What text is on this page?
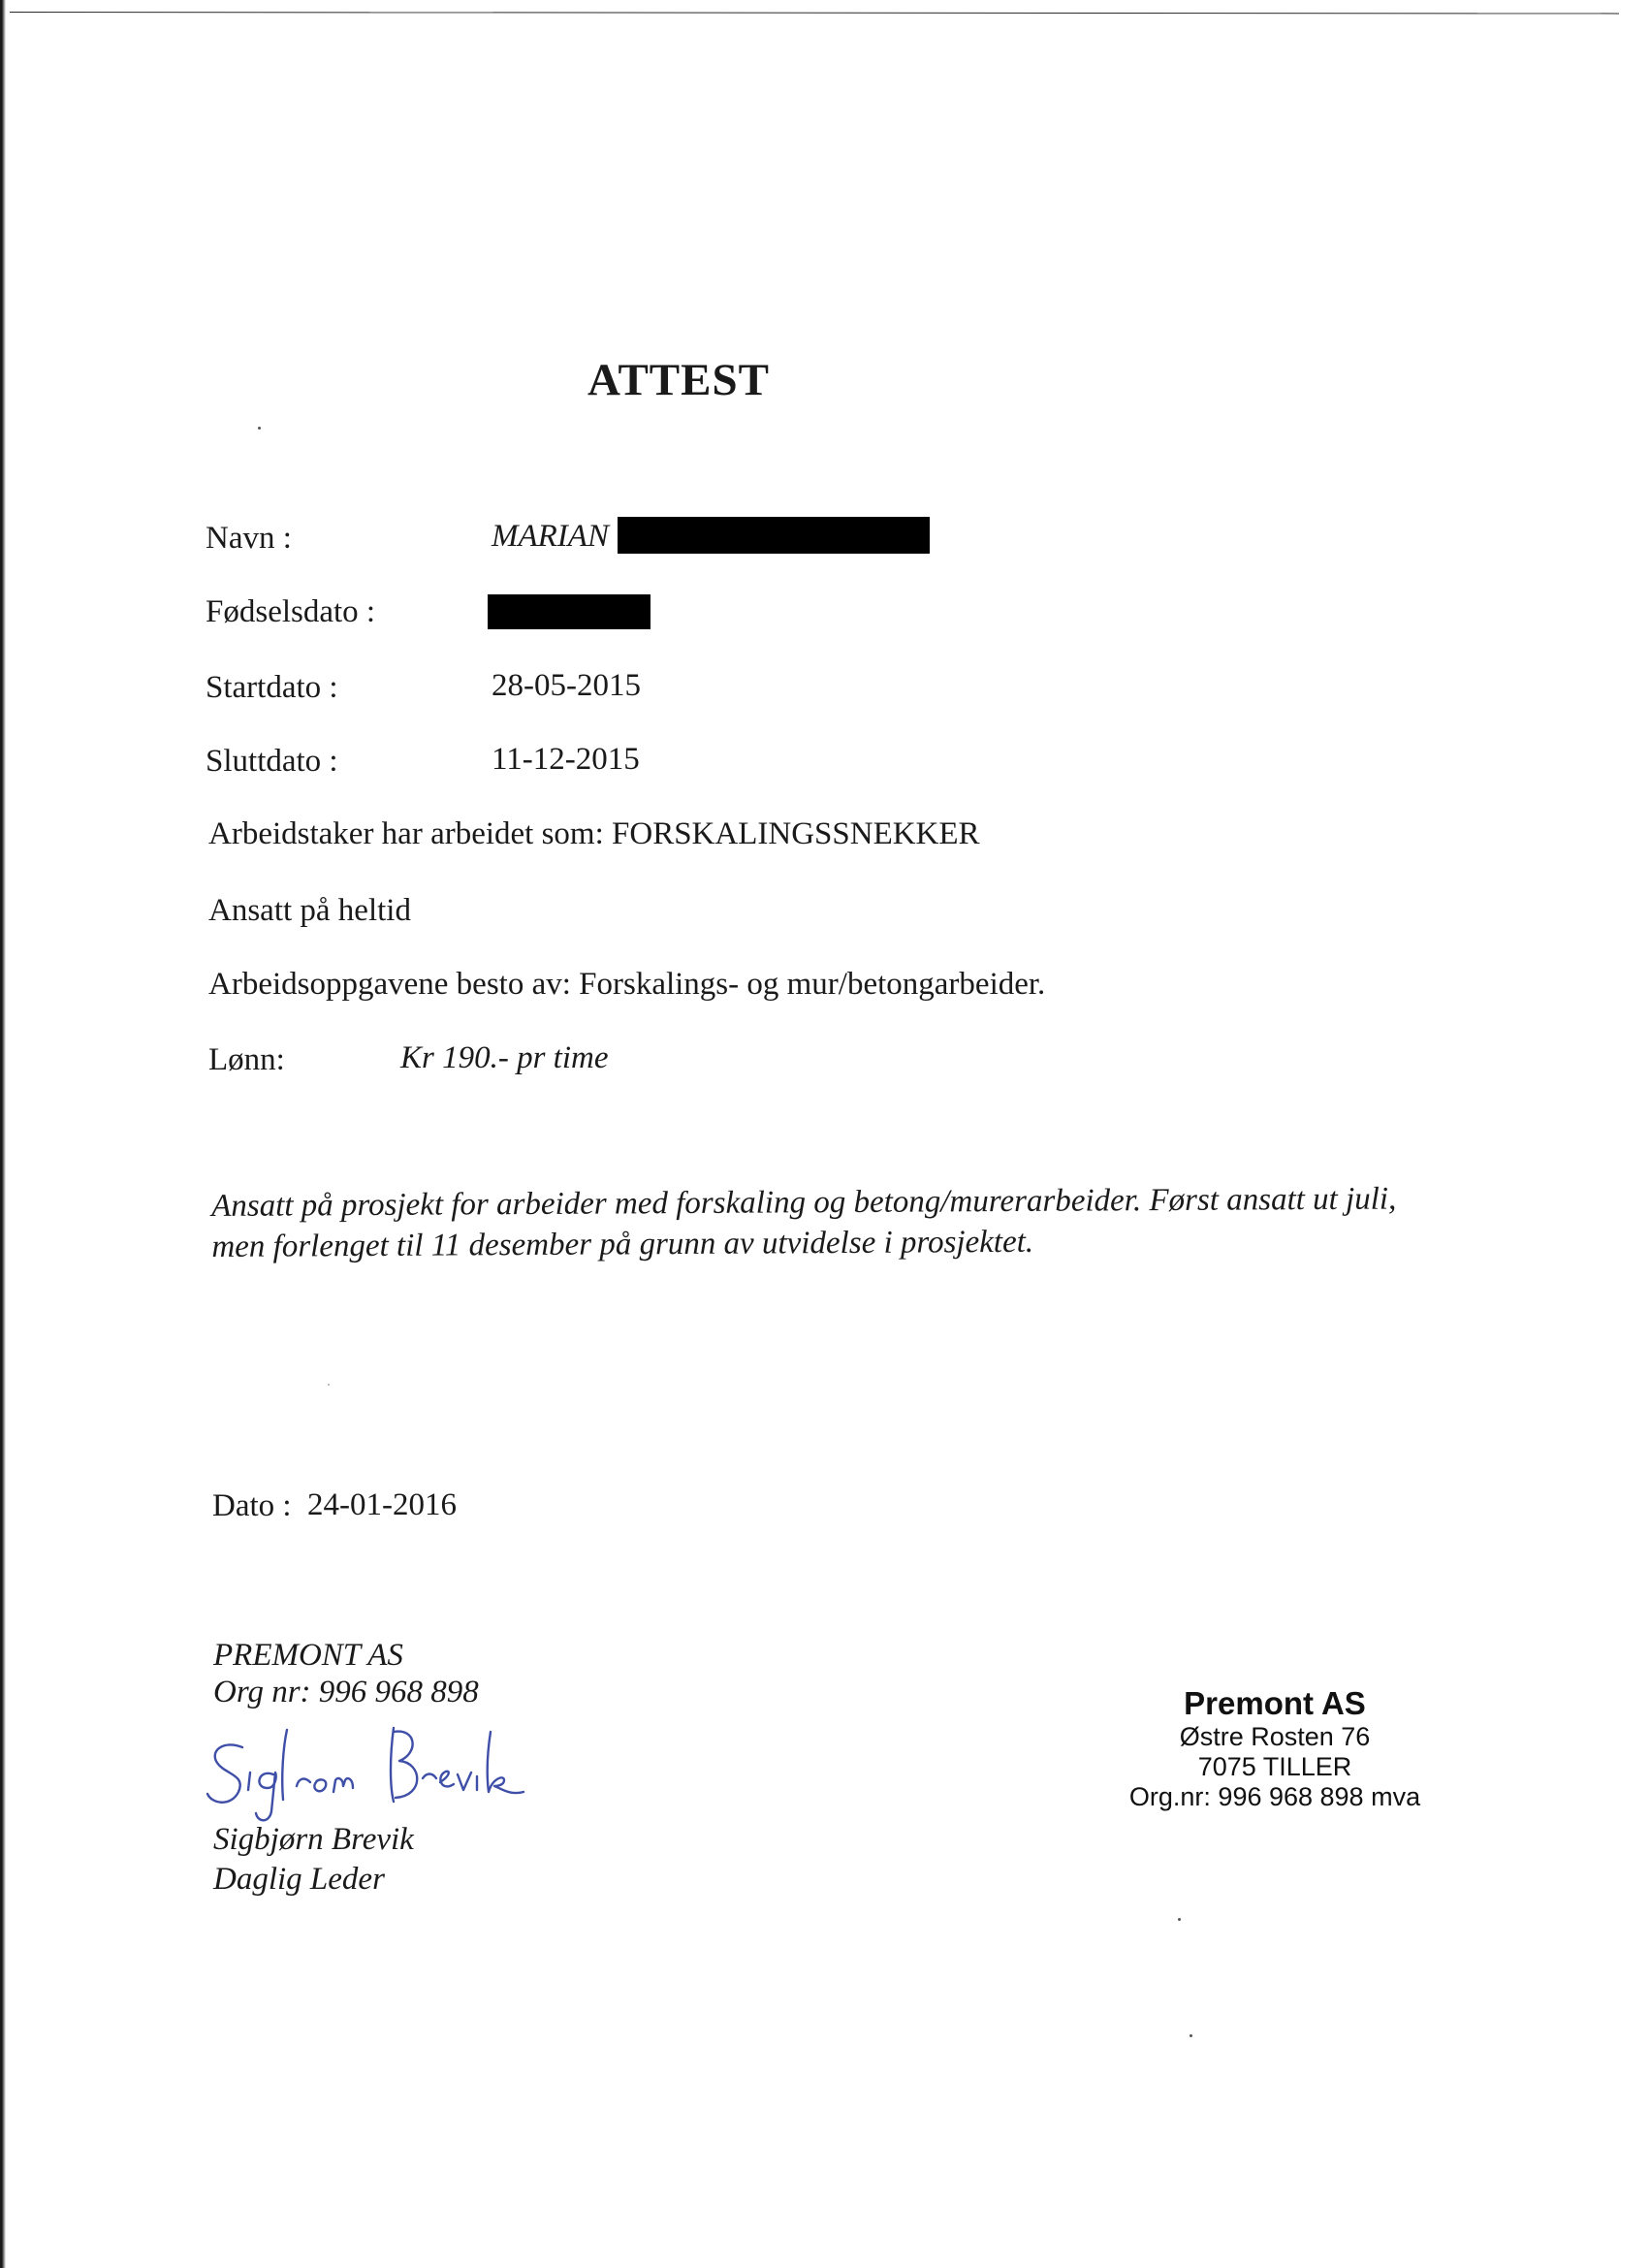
ATTEST
Navn :	MARIAN
Fødselsdato :
Startdato :	28-05-2015
Sluttdato :	11-12-2015
Arbeidstaker har arbeidet som: FORSKALINGSSNEKKER
Ansatt på heltid
Arbeidsoppgavene besto av: Forskalings- og mur/betongarbeider.
Lønn:	Kr 190.- pr time
Ansatt på prosjekt for arbeider med forskaling og betong/murerarbeider. Først ansatt ut juli,
men forlenget til 11 desember på grunn av utvidelse i prosjektet.
Dato : 24-01-2016
PREMONT AS
Org nr: 996 968 898
Sigbjørn Brevik
Daglig Leder
Premont AS
Østre Rosten 76
7075 TILLER
Org.nr: 996 968 898 mva
